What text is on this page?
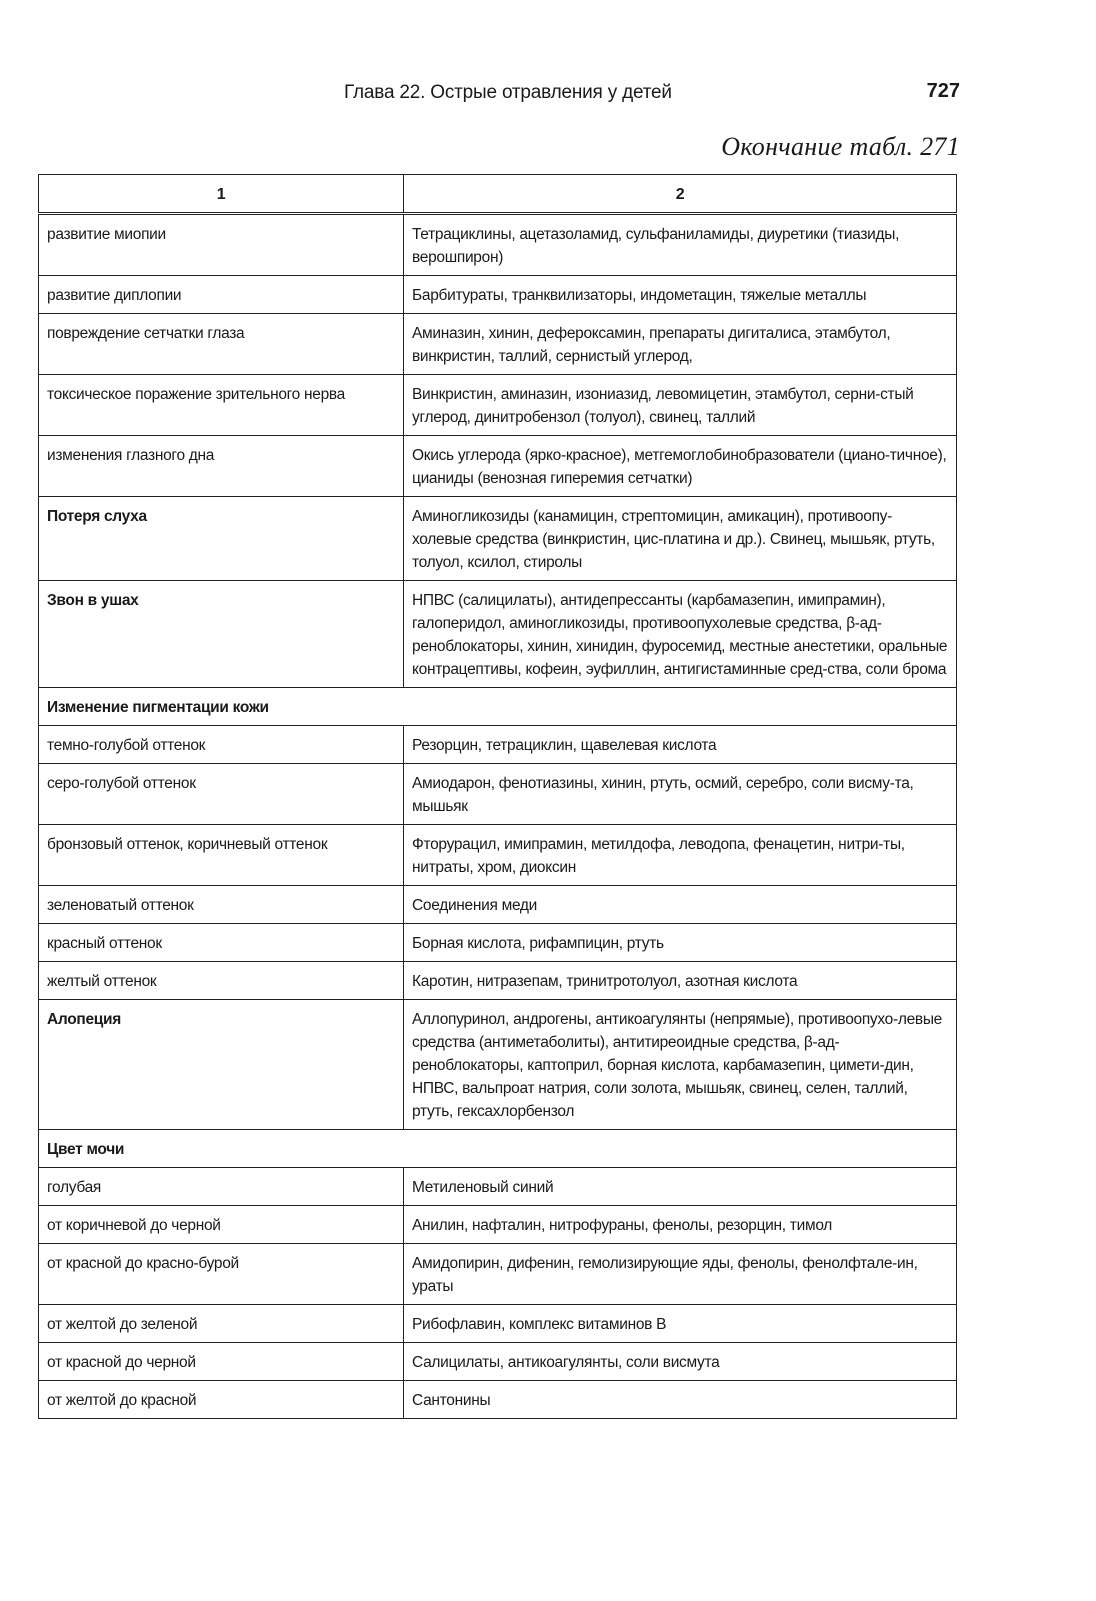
Глава 22. Острые отравления у детей	727
Окончание табл. 271
1	2
развитие миопии	Тетрациклины, ацетазоламид, сульфаниламиды, диуретики (тиазиды, верошпирон)
развитие диплопии	Барбитураты, транквилизаторы, индометацин, тяжелые металлы
повреждение сетчатки глаза	Аминазин, хинин, дефероксамин, препараты дигиталиса, этамбутол, винкристин, таллий, сернистый углерод,
токсическое поражение зрительного нерва	Винкристин, аминазин, изониазид, левомицетин, этамбутол, серни-стый углерод, динитробензол (толуол), свинец, таллий
изменения глазного дна	Окись углерода (ярко-красное), метгемоглобинобразователи (циано-тичное), цианиды (венозная гиперемия сетчатки)
Потеря слуха	Аминогликозиды (канамицин, стрептомицин, амикацин), противоопу-холевые средства (винкристин, цис-платина и др.). Свинец, мышьяк, ртуть, толуол, ксилол, стиролы
Звон в ушах	НПВС (салицилаты), антидепрессанты (карбамазепин, имипрамин), галоперидол, аминогликозиды, противоопухолевые средства, β-ад-реноблокаторы, хинин, хинидин, фуросемид, местные анестетики, оральные контрацептивы, кофеин, эуфиллин, антигистаминные сред-ства, соли брома
Изменение пигментации кожи	
темно-голубой оттенок	Резорцин, тетрациклин, щавелевая кислота
серо-голубой оттенок	Амиодарон, фенотиазины, хинин, ртуть, осмий, серебро, соли висму-та, мышьяк
бронзовый оттенок, коричневый оттенок	Фторурацил, имипрамин, метилдофа, леводопа, фенацетин, нитри-ты, нитраты, хром, диоксин
зеленоватый оттенок	Соединения меди
красный оттенок	Борная кислота, рифампицин, ртуть
желтый оттенок	Каротин, нитразепам, тринитротолуол, азотная кислота
Алопеция	Аллопуринол, андрогены, антикоагулянты (непрямые), противоопухо-левые средства (антиметаболиты), антитиреоидные средства, β-ад-реноблокаторы, каптоприл, борная кислота, карбамазепин, цимети-дин, НПВС, вальпроат натрия, соли золота, мышьяк, свинец, селен, таллий, ртуть, гексахлорбензол
Цвет мочи	
голубая	Метиленовый синий
от коричневой до черной	Анилин, нафталин, нитрофураны, фенолы, резорцин, тимол
от красной до красно-бурой	Амидопирин, дифенин, гемолизирующие яды, фенолы, фенолфтале-ин, ураты
от желтой до зеленой	Рибофлавин, комплекс витаминов B
от красной до черной	Салицилаты, антикоагулянты, соли висмута
от желтой до красной	Сантонины
